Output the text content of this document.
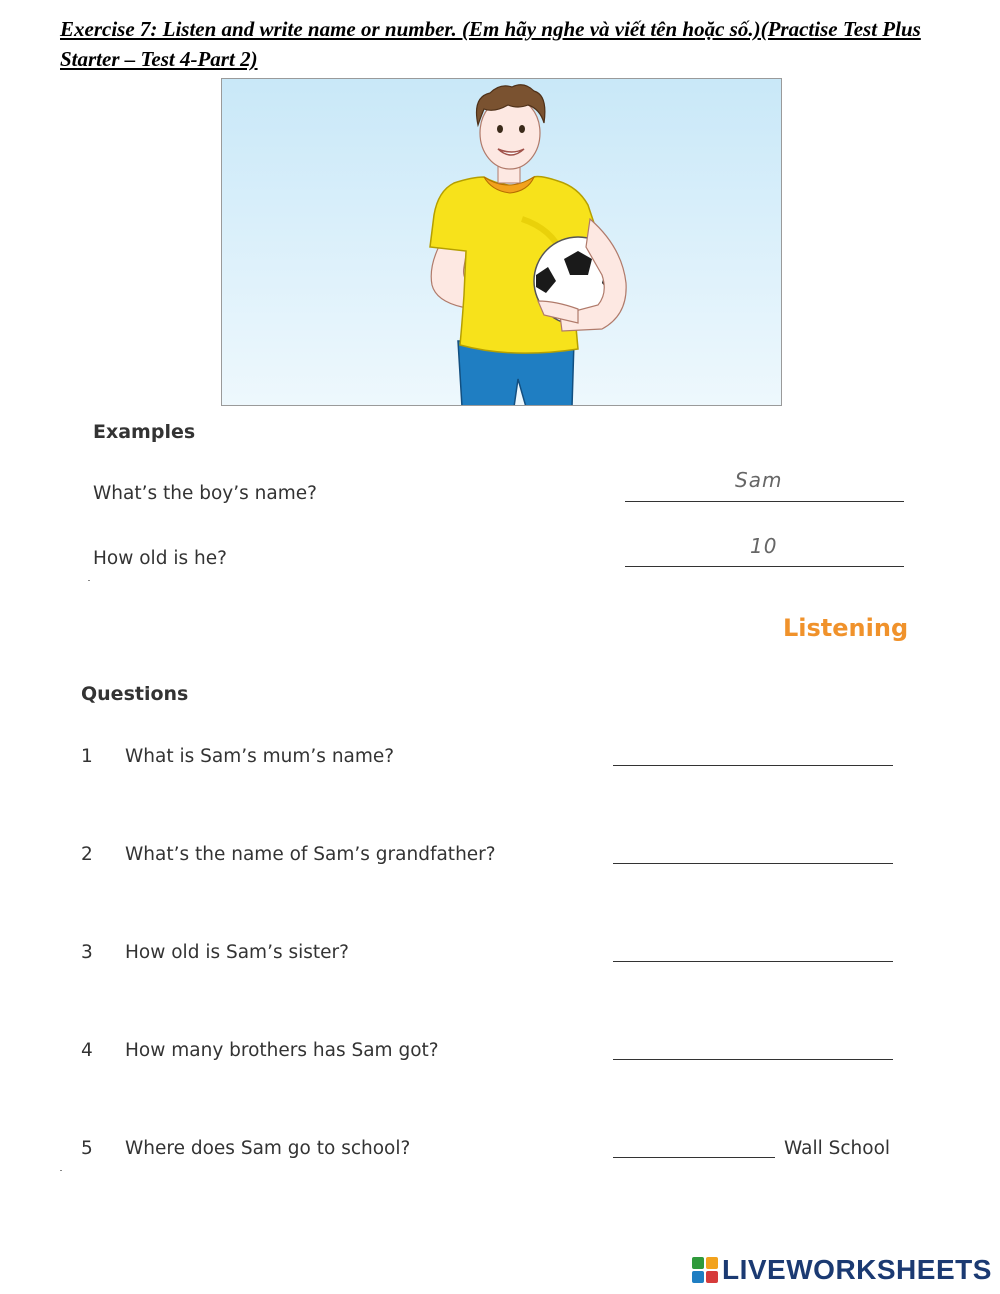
Exercise 7: Listen and write name or number. (Em hãy nghe và viết tên hoặc số.)(Practise Test Plus Starter – Test 4-Part 2)
Examples
What’s the boy’s name?
Sam
How old is he?
10
Listening
Questions
1 What is Sam’s mum’s name?
2 What’s the name of Sam’s grandfather?
3 How old is Sam’s sister?
4 How many brothers has Sam got?
5 Where does Sam go to school?	Wall School
LIVEWORKSHEETS
